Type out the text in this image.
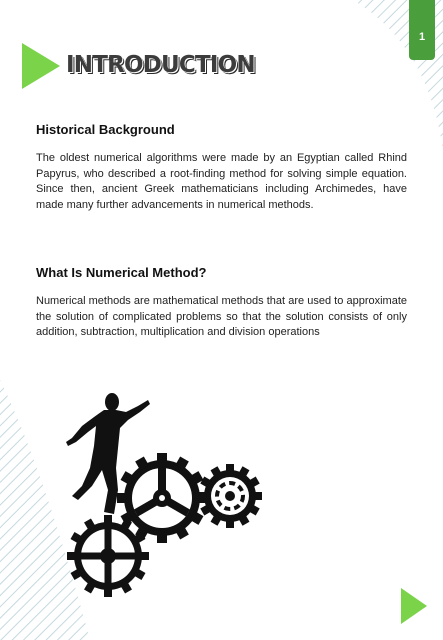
1
INTRODUCTION
Historical Background

The oldest numerical algorithms were made by an Egyptian called Rhind Papyrus, who described a root-finding method for solving simple equation. Since then, ancient Greek mathematicians including Archimedes, have made many further advancements in numerical methods.

What Is Numerical Method?

Numerical methods are mathematical methods that are used to approximate the solution of complicated problems so that the solution consists of only addition, subtraction, multiplication and division operations
